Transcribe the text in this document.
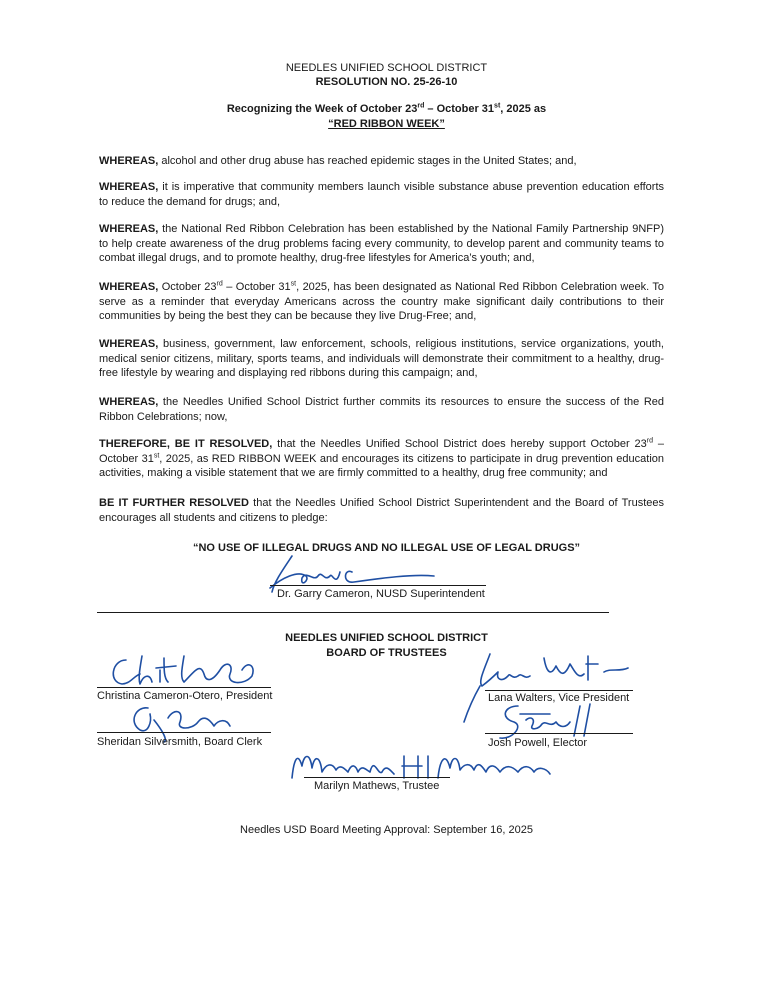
NEEDLES UNIFIED SCHOOL DISTRICT
RESOLUTION NO. 25-26-10
Recognizing the Week of October 23rd – October 31st, 2025 as
“RED RIBBON WEEK”
WHEREAS, alcohol and other drug abuse has reached epidemic stages in the United States; and,
WHEREAS, it is imperative that community members launch visible substance abuse prevention education efforts to reduce the demand for drugs; and,
WHEREAS, the National Red Ribbon Celebration has been established by the National Family Partnership 9NFP) to help create awareness of the drug problems facing every community, to develop parent and community teams to combat illegal drugs, and to promote healthy, drug-free lifestyles for America’s youth; and,
WHEREAS, October 23rd – October 31st, 2025, has been designated as National Red Ribbon Celebration week. To serve as a reminder that everyday Americans across the country make significant daily contributions to their communities by being the best they can be because they live Drug-Free; and,
WHEREAS, business, government, law enforcement, schools, religious institutions, service organizations, youth, medical senior citizens, military, sports teams, and individuals will demonstrate their commitment to a healthy, drug-free lifestyle by wearing and displaying red ribbons during this campaign; and,
WHEREAS, the Needles Unified School District further commits its resources to ensure the success of the Red Ribbon Celebrations; now,
THEREFORE, BE IT RESOLVED, that the Needles Unified School District does hereby support October 23rd – October 31st, 2025, as RED RIBBON WEEK and encourages its citizens to participate in drug prevention education activities, making a visible statement that we are firmly committed to a healthy, drug free community; and
BE IT FURTHER RESOLVED that the Needles Unified School District Superintendent and the Board of Trustees encourages all students and citizens to pledge:
“NO USE OF ILLEGAL DRUGS AND NO ILLEGAL USE OF LEGAL DRUGS”
Dr. Garry Cameron, NUSD Superintendent
NEEDLES UNIFIED SCHOOL DISTRICT
BOARD OF TRUSTEES
Christina Cameron-Otero, President	Lana Walters, Vice President
Sheridan Silversmith, Board Clerk	Josh Powell, Elector
Marilyn Mathews, Trustee
Needles USD Board Meeting Approval: September 16, 2025
